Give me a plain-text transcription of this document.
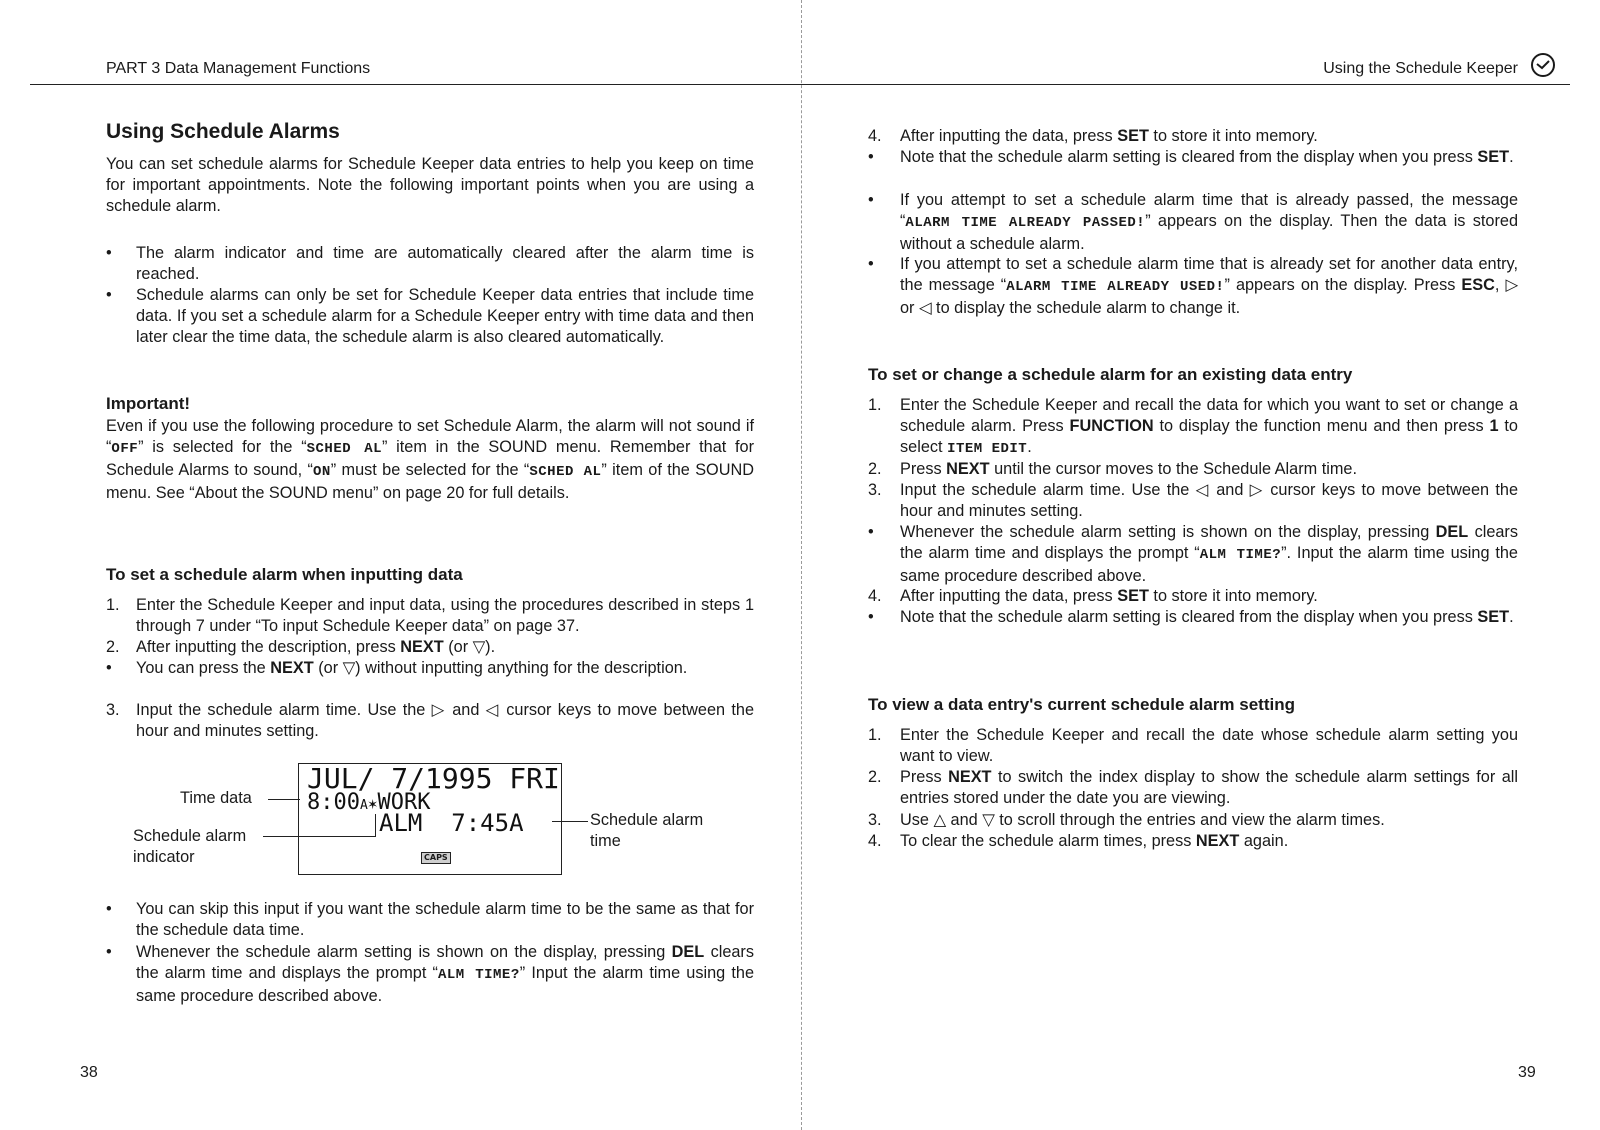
PART 3 Data Management Functions
Using Schedule Alarms
You can set schedule alarms for Schedule Keeper data entries to help you keep on time for important appointments. Note the following important points when you are using a schedule alarm.
• The alarm indicator and time are automatically cleared after the alarm time is reached.
• Schedule alarms can only be set for Schedule Keeper data entries that include time data. If you set a schedule alarm for a Schedule Keeper entry with time data and then later clear the time data, the schedule alarm is also cleared automatically.
Important!
Even if you use the following procedure to set Schedule Alarm, the alarm will not sound if “OFF” is selected for the “SCHED AL” item in the SOUND menu. Remember that for Schedule Alarms to sound, “ON” must be selected for the “SCHED AL” item of the SOUND menu. See “About the SOUND menu” on page 20 for full details.
To set a schedule alarm when inputting data
1. Enter the Schedule Keeper and input data, using the procedures described in steps 1 through 7 under “To input Schedule Keeper data” on page 37.
2. After inputting the description, press NEXT (or ▽).
• You can press the NEXT (or ▽) without inputting anything for the description.
3. Input the schedule alarm time. Use the ▷ and ◁ cursor keys to move between the hour and minutes setting.
JUL/ 7/1995 FRI
8:00A✶WORK
ALM 7:45A
CAPS
Time data
Schedule alarm
indicator
Schedule alarm
time
• You can skip this input if you want the schedule alarm time to be the same as that for the schedule data time.
• Whenever the schedule alarm setting is shown on the display, pressing DEL clears the alarm time and displays the prompt “ALM TIME?” Input the alarm time using the same procedure described above.
38
Using the Schedule Keeper
4. After inputting the data, press SET to store it into memory.
• Note that the schedule alarm setting is cleared from the display when you press SET.
• If you attempt to set a schedule alarm time that is already passed, the message “ALARM TIME ALREADY PASSED!” appears on the display. Then the data is stored without a schedule alarm.
• If you attempt to set a schedule alarm time that is already set for another data entry, the message “ALARM TIME ALREADY USED!” appears on the display. Press ESC, ▷ or ◁ to display the schedule alarm to change it.
To set or change a schedule alarm for an existing data entry
1. Enter the Schedule Keeper and recall the data for which you want to set or change a schedule alarm. Press FUNCTION to display the function menu and then press 1 to select ITEM EDIT.
2. Press NEXT until the cursor moves to the Schedule Alarm time.
3. Input the schedule alarm time. Use the ◁ and ▷ cursor keys to move between the hour and minutes setting.
• Whenever the schedule alarm setting is shown on the display, pressing DEL clears the alarm time and displays the prompt “ALM TIME?”. Input the alarm time using the same procedure described above.
4. After inputting the data, press SET to store it into memory.
• Note that the schedule alarm setting is cleared from the display when you press SET.
To view a data entry's current schedule alarm setting
1. Enter the Schedule Keeper and recall the date whose schedule alarm setting you want to view.
2. Press NEXT to switch the index display to show the schedule alarm settings for all entries stored under the date you are viewing.
3. Use △ and ▽ to scroll through the entries and view the alarm times.
4. To clear the schedule alarm times, press NEXT again.
39
